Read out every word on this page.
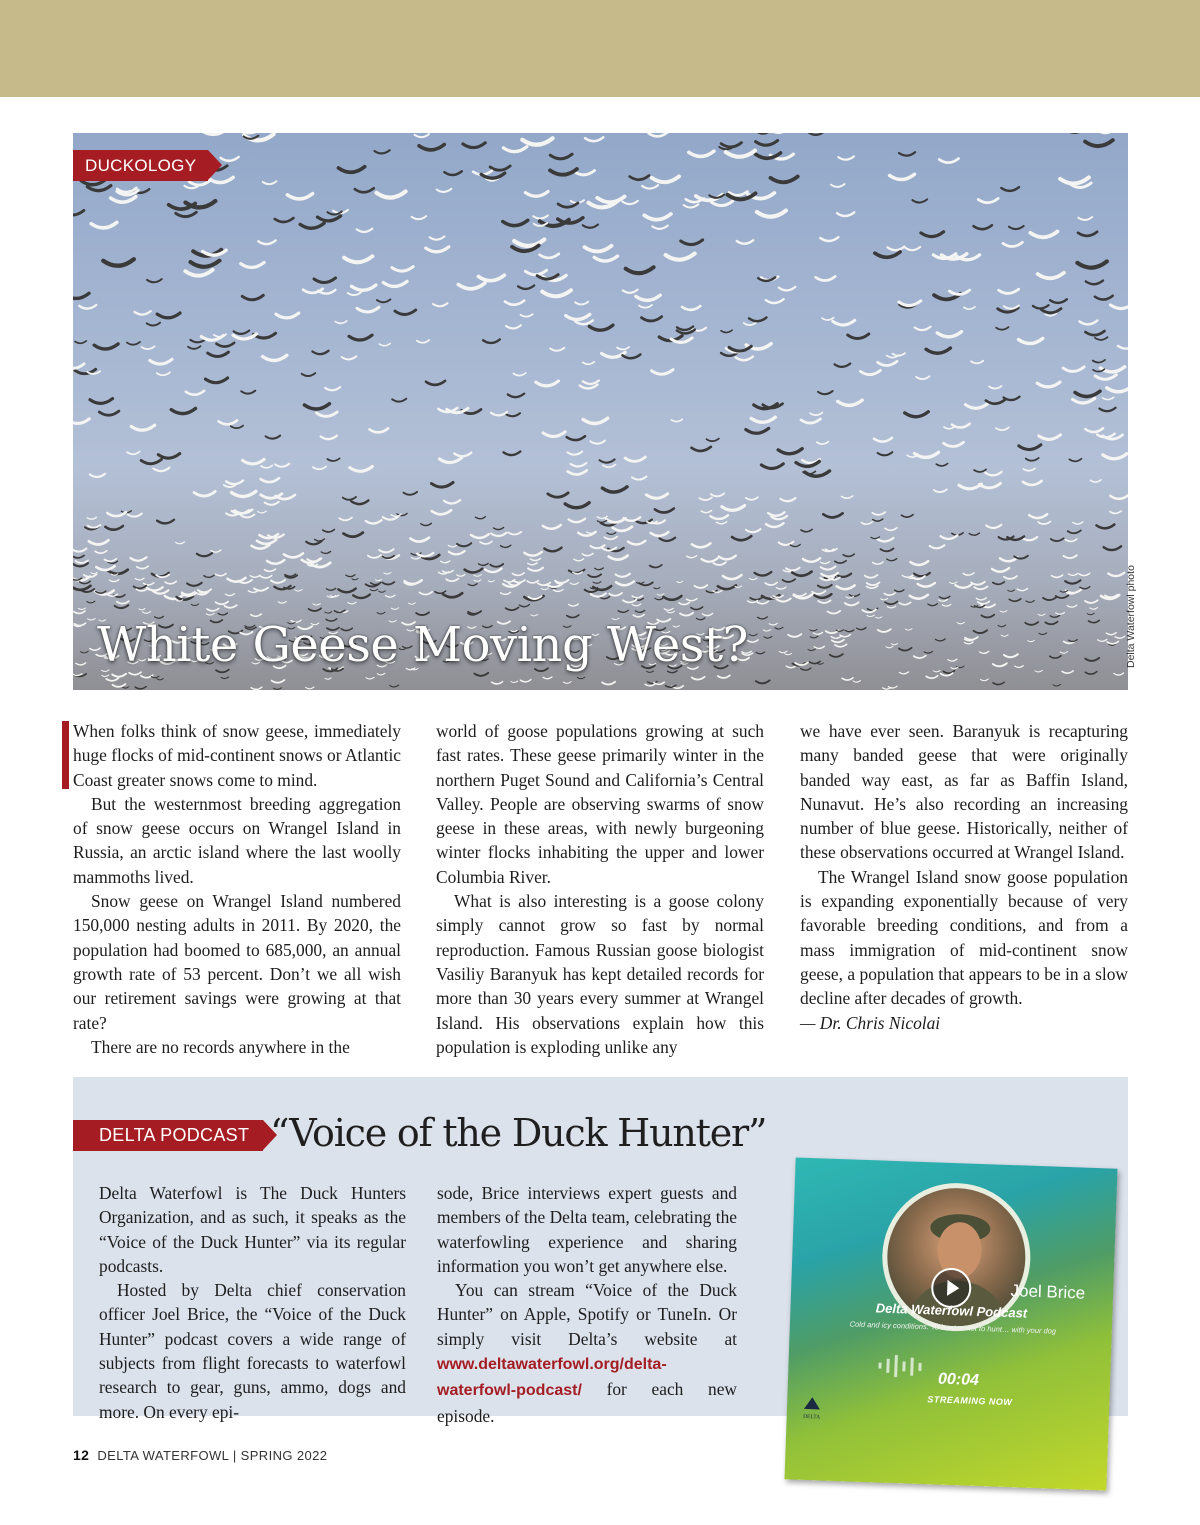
DUCKOLOGY
White Geese Moving West?	Delta Waterfowl photo

When folks think of snow geese, immediately huge flocks of mid-continent snows or Atlantic Coast greater snows come to mind.

But the westernmost breeding aggregation of snow geese occurs on Wrangel Island in Russia, an arctic island where the last woolly mammoths lived.

Snow geese on Wrangel Island numbered 150,000 nesting adults in 2011. By 2020, the population had boomed to 685,000, an annual growth rate of 53 percent. Don’t we all wish our retirement savings were growing at that rate?

There are no records anywhere in the

world of goose populations growing at such fast rates. These geese primarily winter in the northern Puget Sound and California’s Central Valley. People are observing swarms of snow geese in these areas, with newly burgeoning winter flocks inhabiting the upper and lower Columbia River.

What is also interesting is a goose colony simply cannot grow so fast by normal reproduction. Famous Russian goose biologist Vasiliy Baranyuk has kept detailed records for more than 30 years every summer at Wrangel Island. His observations explain how this population is exploding unlike any

we have ever seen. Baranyuk is recapturing many banded geese that were originally banded way east, as far as Baffin Island, Nunavut. He’s also recording an increasing number of blue geese. Historically, neither of these observations occurred at Wrangel Island.

The Wrangel Island snow goose population is expanding exponentially because of very favorable breeding conditions, and from a mass immigration of mid-continent snow geese, a population that appears to be in a slow decline after decades of growth.

— Dr. Chris Nicolai

DELTA PODCAST “Voice of the Duck Hunter”

Delta Waterfowl is The Duck Hunters Organization, and as such, it speaks as the “Voice of the Duck Hunter” via its regular podcasts.

Hosted by Delta chief conservation officer Joel Brice, the “Voice of the Duck Hunter” podcast covers a wide range of subjects from flight forecasts to waterfowl research to gear, guns, ammo, dogs and more. On every epi-

sode, Brice interviews expert guests and members of the Delta team, celebrating the waterfowling experience and sharing information you won’t get anywhere else.

You can stream “Voice of the Duck Hunter” on Apple, Spotify or TuneIn. Or simply visit Delta’s website at www.deltawaterfowl.org/delta-waterfowl-podcast/ for each new episode.

Joel Brice
Delta Waterfowl Podcast
Cold and icy conditions. To hunt or not to hunt… with your dog
00:04
STREAMING NOW
DELTA
12 DELTA WATERFOWL | SPRING 2022
